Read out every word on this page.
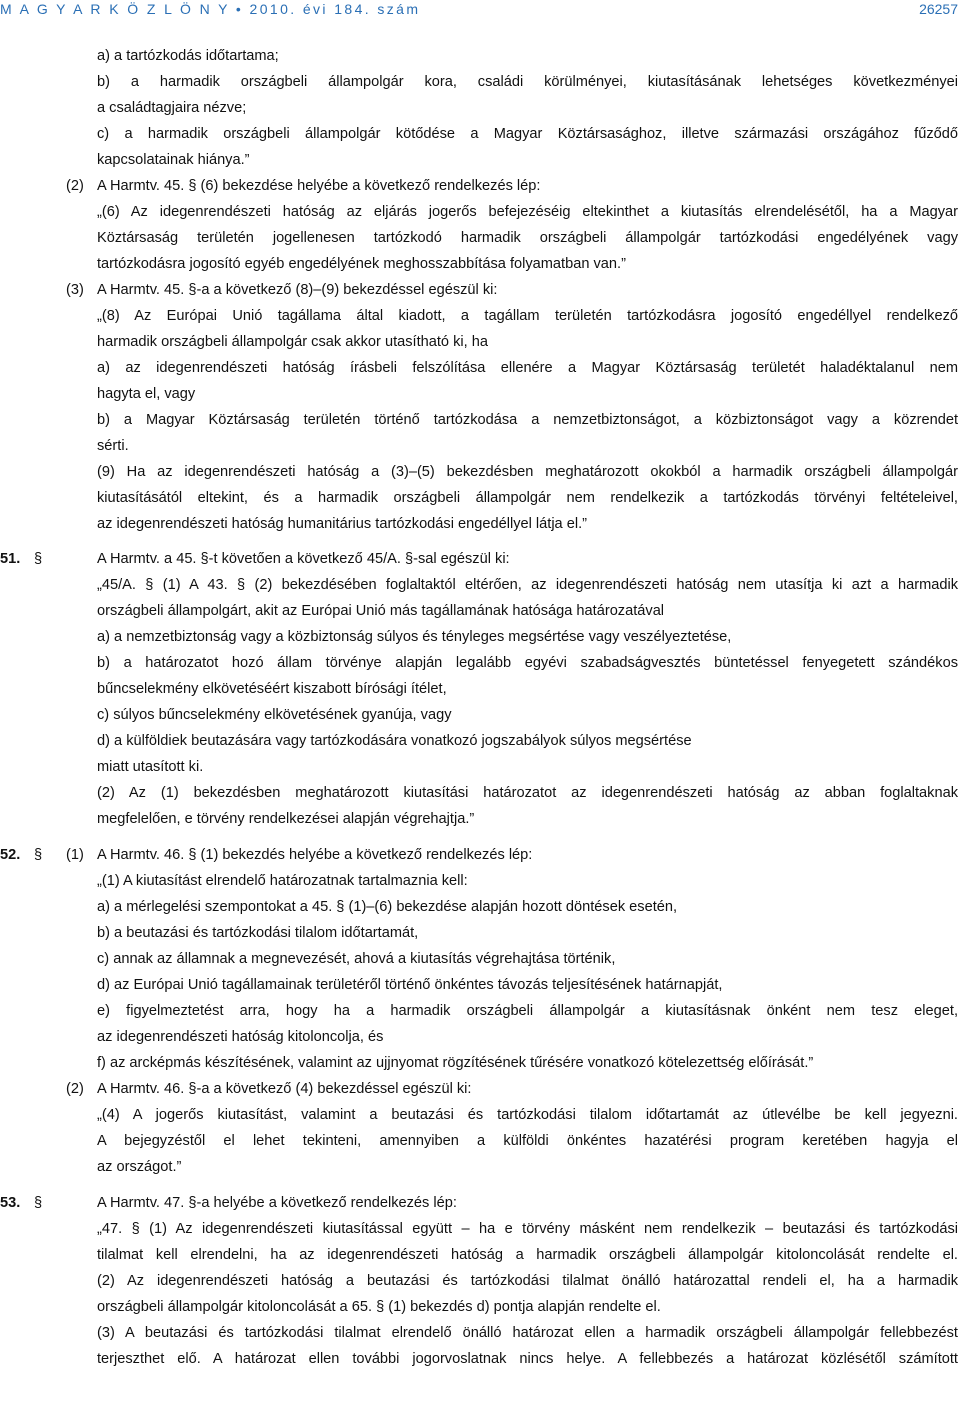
M A G Y A R K Ö Z L Ö N Y • 2010. évi 184. szám	26257
a) a tartózkodás időtartama;
b) a harmadik országbeli állampolgár kora, családi körülményei, kiutasításának lehetséges következményei
a családtagjaira nézve;
c) a harmadik országbeli állampolgár kötődése a Magyar Köztársasághoz, illetve származási országához fűződő
kapcsolatainak hiánya.”
(2) A Harmtv. 45. § (6) bekezdése helyébe a következő rendelkezés lép:
„(6) Az idegenrendészeti hatóság az eljárás jogerős befejezéséig eltekinthet a kiutasítás elrendelésétől, ha a Magyar
Köztársaság területén jogellenesen tartózkodó harmadik országbeli állampolgár tartózkodási engedélyének vagy
tartózkodásra jogosító egyéb engedélyének meghosszabbítása folyamatban van.”
(3) A Harmtv. 45. §-a a következő (8)–(9) bekezdéssel egészül ki:
„(8) Az Európai Unió tagállama által kiadott, a tagállam területén tartózkodásra jogosító engedéllyel rendelkező
harmadik országbeli állampolgár csak akkor utasítható ki, ha
a) az idegenrendészeti hatóság írásbeli felszólítása ellenére a Magyar Köztársaság területét haladéktalanul nem
hagyta el, vagy
b) a Magyar Köztársaság területén történő tartózkodása a nemzetbiztonságot, a közbiztonságot vagy a közrendet
sérti.
(9) Ha az idegenrendészeti hatóság a (3)–(5) bekezdésben meghatározott okokból a harmadik országbeli állampolgár
kiutasításától eltekint, és a harmadik országbeli állampolgár nem rendelkezik a tartózkodás törvényi feltételeivel,
az idegenrendészeti hatóság humanitárius tartózkodási engedéllyel látja el.”
51. §	A Harmtv. a 45. §-t követően a következő 45/A. §-sal egészül ki:
„45/A. § (1) A 43. § (2) bekezdésében foglaltaktól eltérően, az idegenrendészeti hatóság nem utasítja ki azt a harmadik
országbeli állampolgárt, akit az Európai Unió más tagállamának hatósága határozatával
a) a nemzetbiztonság vagy a közbiztonság súlyos és tényleges megsértése vagy veszélyeztetése,
b) a határozatot hozó állam törvénye alapján legalább egyévi szabadságvesztés büntetéssel fenyegetett szándékos
bűncselekmény elkövetéséért kiszabott bírósági ítélet,
c) súlyos bűncselekmény elkövetésének gyanúja, vagy
d) a külföldiek beutazására vagy tartózkodására vonatkozó jogszabályok súlyos megsértése
miatt utasított ki.
(2) Az (1) bekezdésben meghatározott kiutasítási határozatot az idegenrendészeti hatóság az abban foglaltaknak
megfelelően, e törvény rendelkezései alapján végrehajtja.”
52. § (1) A Harmtv. 46. § (1) bekezdés helyébe a következő rendelkezés lép:
„(1) A kiutasítást elrendelő határozatnak tartalmaznia kell:
a) a mérlegelési szempontokat a 45. § (1)–(6) bekezdése alapján hozott döntések esetén,
b) a beutazási és tartózkodási tilalom időtartamát,
c) annak az államnak a megnevezését, ahová a kiutasítás végrehajtása történik,
d) az Európai Unió tagállamainak területéről történő önkéntes távozás teljesítésének határnapját,
e) figyelmeztetést arra, hogy ha a harmadik országbeli állampolgár a kiutasításnak önként nem tesz eleget,
az idegenrendészeti hatóság kitoloncolja, és
f) az arcképmás készítésének, valamint az ujjnyomat rögzítésének tűrésére vonatkozó kötelezettség előírását.”
(2) A Harmtv. 46. §-a a következő (4) bekezdéssel egészül ki:
„(4) A jogerős kiutasítást, valamint a beutazási és tartózkodási tilalom időtartamát az útlevélbe be kell jegyezni.
A bejegyzéstől el lehet tekinteni, amennyiben a külföldi önkéntes hazatérési program keretében hagyja el
az országot.”
53. §	A Harmtv. 47. §-a helyébe a következő rendelkezés lép:
„47. § (1) Az idegenrendészeti kiutasítással együtt – ha e törvény másként nem rendelkezik – beutazási és tartózkodási
tilalmat kell elrendelni, ha az idegenrendészeti hatóság a harmadik országbeli állampolgár kitoloncolását rendelte el.
(2) Az idegenrendészeti hatóság a beutazási és tartózkodási tilalmat önálló határozattal rendeli el, ha a harmadik
országbeli állampolgár kitoloncolását a 65. § (1) bekezdés d) pontja alapján rendelte el.
(3) A beutazási és tartózkodási tilalmat elrendelő önálló határozat ellen a harmadik országbeli állampolgár fellebbezést
terjeszthet elő. A határozat ellen további jogorvoslatnak nincs helye. A fellebbezés a határozat közlésétől számított
